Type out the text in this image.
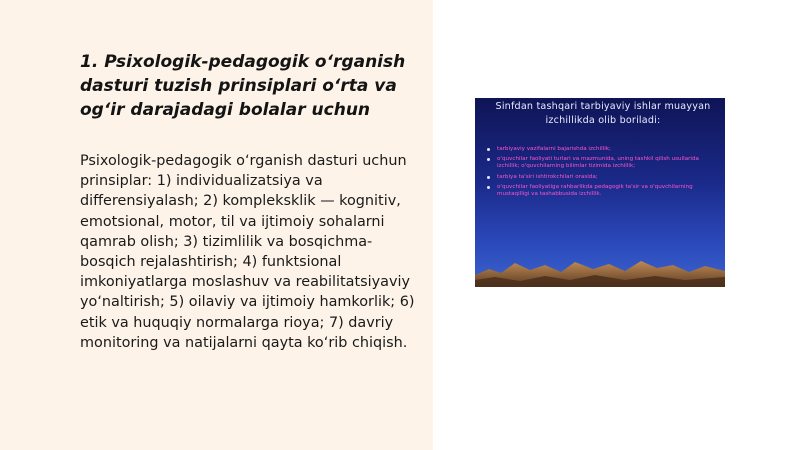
1. Psixologik-pedagogik o‘rganish dasturi tuzish prinsiplari o‘rta va og‘ir darajadagi bolalar uchun

Psixologik-pedagogik o‘rganish dasturi uchun prinsiplar: 1) individualizatsiya va differensiyalash; 2) kompleksklik — kognitiv, emotsional, motor, til va ijtimoiy sohalarni qamrab olish; 3) tizimlilik va bosqichma-bosqich rejalashtirish; 4) funktsional imkoniyatlarga moslashuv va reabilitatsiyaviy yo‘naltirish; 5) oilaviy va ijtimoiy hamkorlik; 6) etik va huquqiy normalarga rioya; 7) davriy monitoring va natijalarni qayta ko‘rib chiqish.

Sinfdan tashqari tarbiyaviy ishlar muayyan izchillikda olib boriladi:

tarbiyaviy vazifalarni bajarishda izchillik;
o'quvchilar faoliyati turlari va mazmunida, uning tashkil qilish usullarida izchillik; o'quvchilarning bilimlar tizimida izchillik;
tarbiya ta'siri ishtirokchilari orasida;
o'quvchilar faoliyatiga rahbarlikda pedagogik ta'sir va o'quvchilarning mustaqilligi va tashabbusida izchillik.
